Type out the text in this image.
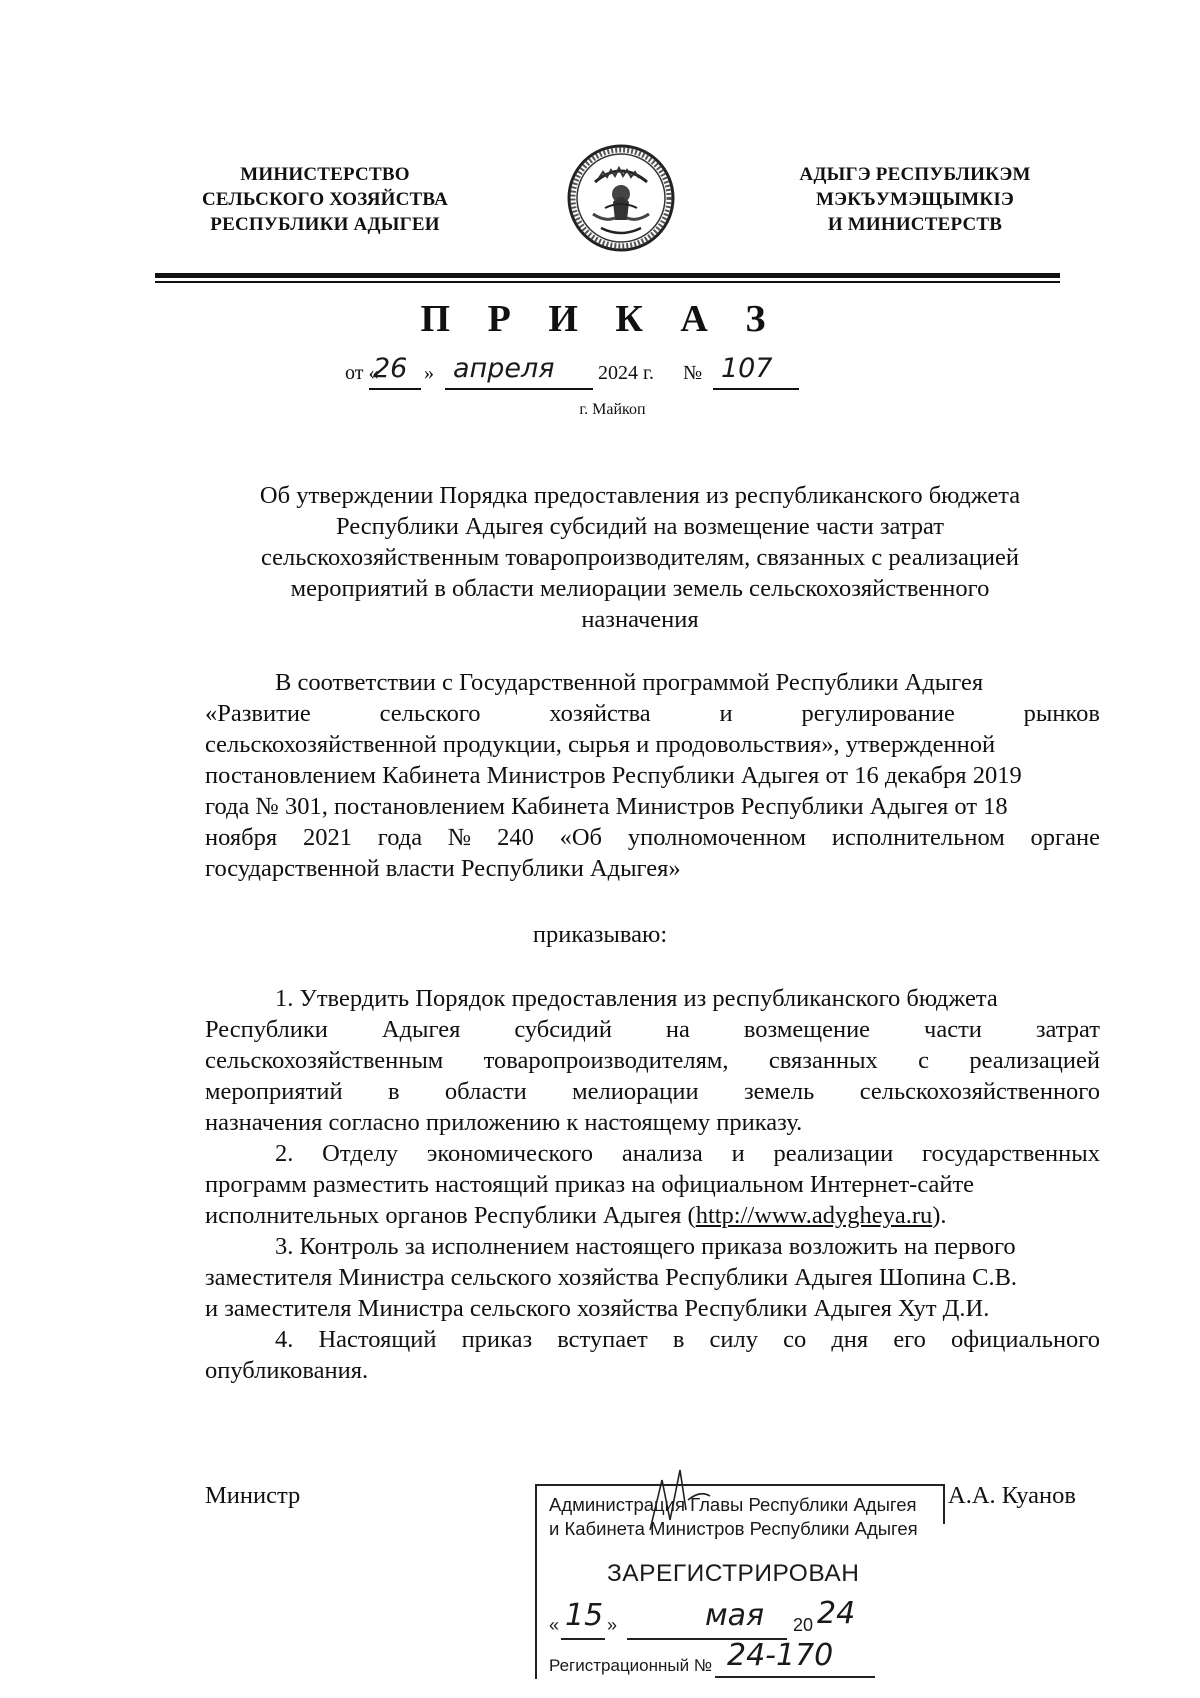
МИНИСТЕРСТВО
СЕЛЬСКОГО ХОЗЯЙСТВА
РЕСПУБЛИКИ АДЫГЕИ
АДЫГЭ РЕСПУБЛИКЭМ
МЭКЪУМЭЩЫМКIЭ
И МИНИСТЕРСТВ
П Р И К А З
от «
26 » апреля 2024 г. № 107
г. Майкоп
Об утверждении Порядка предоставления из республиканского бюджета
Республики Адыгея субсидий на возмещение части затрат
сельскохозяйственным товаропроизводителям, связанных с реализацией
мероприятий в области мелиорации земель сельскохозяйственного
назначения
В соответствии с Государственной программой Республики Адыгея
«Развитие	сельского	хозяйства	и	регулирование	рынков
сельскохозяйственной продукции, сырья и продовольствия», утвержденной
постановлением Кабинета Министров Республики Адыгея от 16 декабря 2019
года № 301, постановлением Кабинета Министров Республики Адыгея от 18
ноября 2021 года № 240 «Об уполномоченном исполнительном органе
государственной власти Республики Адыгея»
приказываю:
1. Утвердить Порядок предоставления из республиканского бюджета
Республики Адыгея субсидий на возмещение части затрат
сельскохозяйственным товаропроизводителям, связанных с реализацией
мероприятий в области мелиорации земель сельскохозяйственного
назначения согласно приложению к настоящему приказу.
2. Отделу экономического анализа и реализации государственных
программ разместить настоящий приказ на официальном Интернет-сайте
исполнительных органов Республики Адыгея (http://www.adygheya.ru).
3. Контроль за исполнением настоящего приказа возложить на первого
заместителя Министра сельского хозяйства Республики Адыгея Шопина С.В.
и заместителя Министра сельского хозяйства Республики Адыгея Хут Д.И.
4. Настоящий приказ вступает в силу со дня его официального
опубликования.
Министр	А.А. Куанов
Администрация Главы Республики Адыгея
и Кабинета Министров Республики Адыгея
ЗАРЕГИСТРИРОВАН
« 15 »	мая 20 24
Регистрационный № 24-170
